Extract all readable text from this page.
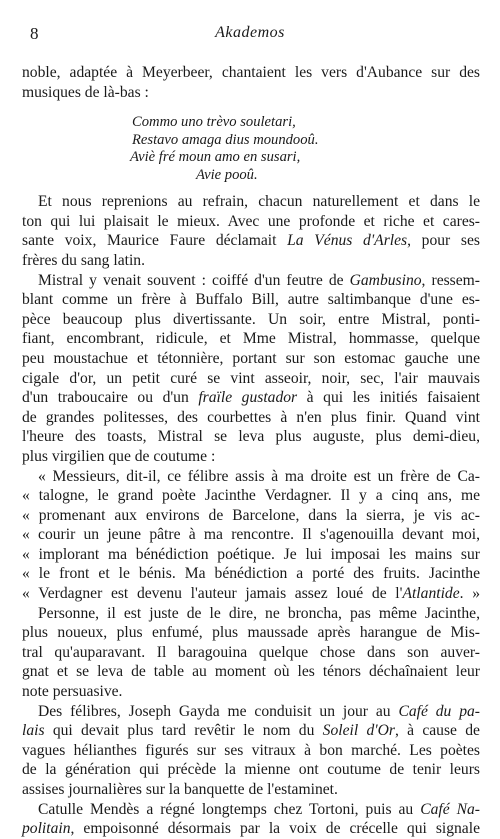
8	Akademos
noble, adaptée à Meyerbeer, chantaient les vers d'Aubance sur des
musiques de là-bas :
Commo uno trèvo souletari,
Restavo amaga dius moundooû.
Aviè fré moun amo en susari,
Avie pooû.
Et nous reprenions au refrain, chacun naturellement et dans le
ton qui lui plaisait le mieux. Avec une profonde et riche et cares-
sante voix, Maurice Faure déclamait La Vénus d'Arles, pour ses
frères du sang latin.
Mistral y venait souvent : coiffé d'un feutre de Gambusino, ressem-
blant comme un frère à Buffalo Bill, autre saltimbanque d'une es-
pèce beaucoup plus divertissante. Un soir, entre Mistral, ponti-
fiant, encombrant, ridicule, et Mme Mistral, hommasse, quelque
peu moustachue et tétonnière, portant sur son estomac gauche une
cigale d'or, un petit curé se vint asseoir, noir, sec, l'air mauvais
d'un traboucaire ou d'un fraïle gustador à qui les initiés faisaient
de grandes politesses, des courbettes à n'en plus finir. Quand vint
l'heure des toasts, Mistral se leva plus auguste, plus demi-dieu,
plus virgilien que de coutume :
« Messieurs, dit-il, ce félibre assis à ma droite est un frère de Ca-
« talogne, le grand poète Jacinthe Verdagner. Il y a cinq ans, me
« promenant aux environs de Barcelone, dans la sierra, je vis ac-
« courir un jeune pâtre à ma rencontre. Il s'agenouilla devant moi,
« implorant ma bénédiction poétique. Je lui imposai les mains sur
« le front et le bénis. Ma bénédiction a porté des fruits. Jacinthe
« Verdagner est devenu l'auteur jamais assez loué de l'Atlantide. »
Personne, il est juste de le dire, ne broncha, pas même Jacinthe,
plus noueux, plus enfumé, plus maussade après harangue de Mis-
tral qu'auparavant. Il baragouina quelque chose dans son auver-
gnat et se leva de table au moment où les ténors déchaînaient leur
note persuasive.
Des félibres, Joseph Gayda me conduisit un jour au Café du pa-
lais qui devait plus tard revêtir le nom du Soleil d'Or, à cause de
vagues hélianthes figurés sur ses vitraux à bon marché. Les poètes
de la génération qui précède la mienne ont coutume de tenir leurs
assises journalières sur la banquette de l'estaminet.
Catulle Mendès a régné longtemps chez Tortoni, puis au Café Na-
politain, empoisonné désormais par la voix de crécelle qui signale
